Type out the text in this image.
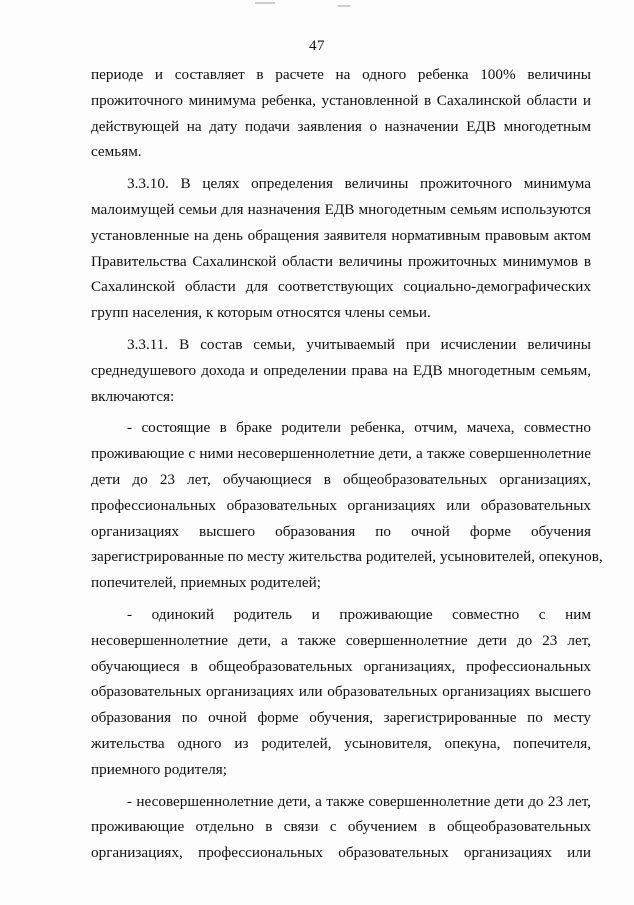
47
периоде и составляет в расчете на одного ребенка 100% величины
прожиточного минимума ребенка, установленной в Сахалинской области и
действующей на дату подачи заявления о назначении ЕДВ многодетным
семьям.
3.3.10. В целях определения величины прожиточного минимума
малоимущей семьи для назначения ЕДВ многодетным семьям используются
установленные на день обращения заявителя нормативным правовым актом
Правительства Сахалинской области величины прожиточных минимумов в
Сахалинской области для соответствующих социально-демографических
групп населения, к которым относятся члены семьи.
3.3.11. В состав семьи, учитываемый при исчислении величины
среднедушевого дохода и определении права на ЕДВ многодетным семьям,
включаются:
- состоящие в браке родители ребенка, отчим, мачеха, совместно
проживающие с ними несовершеннолетние дети, а также совершеннолетние
дети до 23 лет, обучающиеся в общеобразовательных организациях,
профессиональных образовательных организациях или образовательных
организациях высшего образования по очной форме обучения
зарегистрированные по месту жительства родителей, усыновителей, опекунов,
попечителей, приемных родителей;
- одинокий родитель и проживающие совместно с ним
несовершеннолетние дети, а также совершеннолетние дети до 23 лет,
обучающиеся в общеобразовательных организациях, профессиональных
образовательных организациях или образовательных организациях высшего
образования по очной форме обучения, зарегистрированные по месту
жительства одного из родителей, усыновителя, опекуна, попечителя,
приемного родителя;
- несовершеннолетние дети, а также совершеннолетние дети до 23 лет,
проживающие отдельно в связи с обучением в общеобразовательных
организациях, профессиональных образовательных организациях или
